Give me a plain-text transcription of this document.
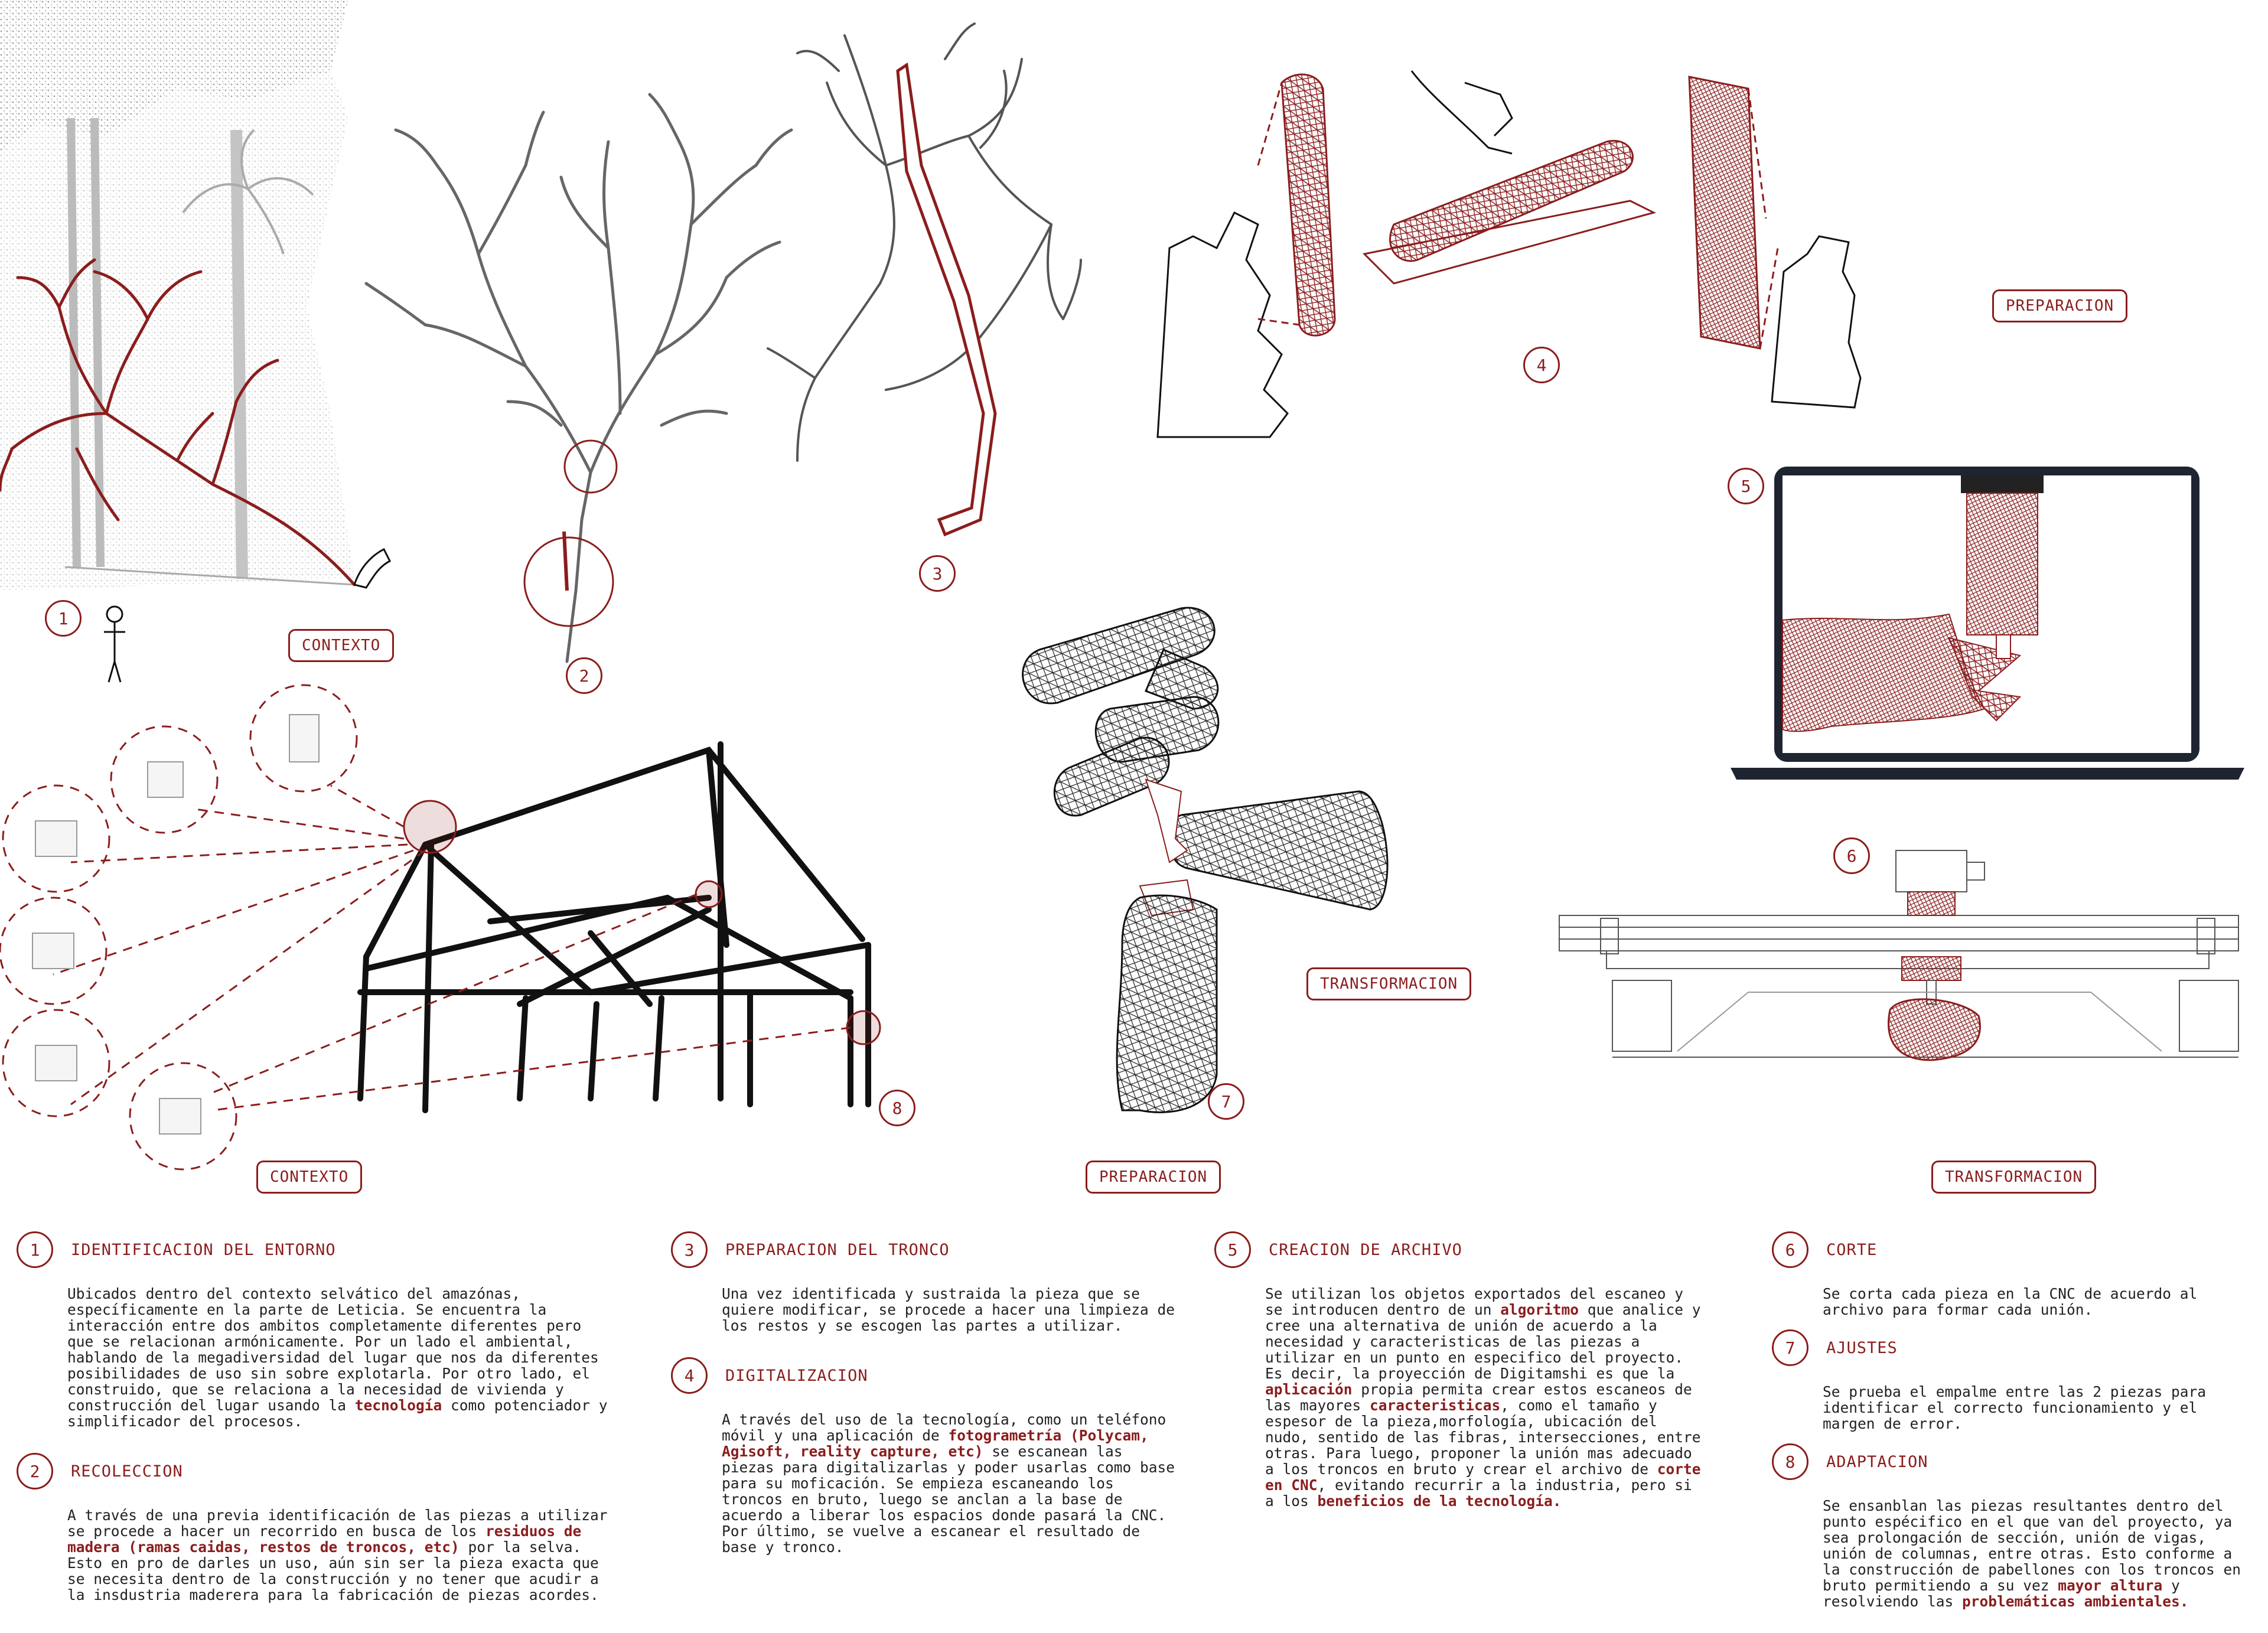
CONTEXTO
PREPARACION
TRANSFORMACION
CONTEXTO	PREPARACION	TRANSFORMACION
1
2
3
4
5
6
7
8
1	IDENTIFICACION DEL ENTORNO
Ubicados dentro del contexto selvático del amazónas, específicamente en la parte de Leticia. Se encuentra la interacción entre dos ambitos completamente diferentes pero que se relacionan armónicamente. Por un lado el ambiental, hablando de la megadiversidad del lugar que nos da diferentes posibilidades de uso sin sobre explotarla. Por otro lado, el construido, que se relaciona a la necesidad de vivienda y construcción del lugar usando la tecnología como potenciador y simplificador del procesos.
2	RECOLECCION
A través de una previa identificación de las piezas a utilizar se procede a hacer un recorrido en busca de los residuos de madera (ramas caidas, restos de troncos, etc) por la selva. Esto en pro de darles un uso, aún sin ser la pieza exacta que se necesita dentro de la construcción y no tener que acudir a la insdustria maderera para la fabricación de piezas acordes.
3	PREPARACION DEL TRONCO
Una vez identificada y sustraida la pieza que se quiere modificar, se procede a hacer una limpieza de los restos y se escogen las partes a utilizar.
4	DIGITALIZACION
A través del uso de la tecnología, como un teléfono móvil y una aplicación de fotogrametría (Polycam, Agisoft, reality capture, etc) se escanean las piezas para digitalizarlas y poder usarlas como base para su moficación. Se empieza escaneando los troncos en bruto, luego se anclan a la base de acuerdo a liberar los espacios donde pasará la CNC. Por último, se vuelve a escanear el resultado de base y tronco.
5	CREACION DE ARCHIVO
Se utilizan los objetos exportados del escaneo y se introducen dentro de un algoritmo que analice y cree una alternativa de unión de acuerdo a la necesidad y caracteristicas de las piezas a utilizar en un punto en especifico del proyecto. Es decir, la proyección de Digitamshi es que la aplicación propia permita crear estos escaneos de las mayores caracteristicas, como el tamaño y espesor de la pieza,morfología, ubicación del nudo, sentido de las fibras, intersecciones, entre otras. Para luego, proponer la unión mas adecuado a los troncos en bruto y crear el archivo de corte en CNC, evitando recurrir a la industria, pero si a los beneficios de la tecnología.
6	CORTE
Se corta cada pieza en la CNC de acuerdo al archivo para formar cada unión.
7	AJUSTES
Se prueba el empalme entre las 2 piezas para identificar el correcto funcionamiento y el margen de error.
8	ADAPTACION
Se ensanblan las piezas resultantes dentro del punto espécifico en el que van del proyecto, ya sea prolongación de sección, unión de vigas, unión de columnas, entre otras. Esto conforme a la construcción de pabellones con los troncos en bruto permitiendo a su vez mayor altura y resolviendo las problemáticas ambientales.
